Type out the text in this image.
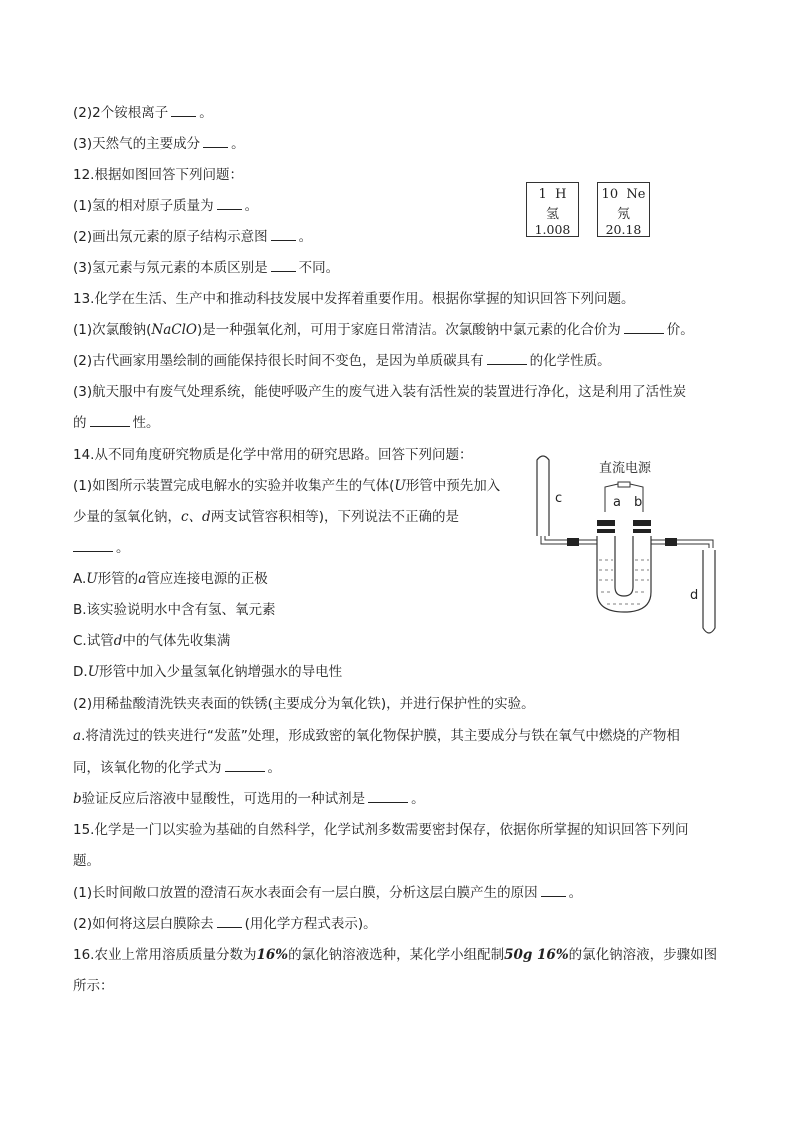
(2)2个铵根离子 。
(3)天然气的主要成分 。
12.根据如图回答下列问题：
(1)氢的相对原子质量为 。
(2)画出氖元素的原子结构示意图 。
(3)氢元素与氖元素的本质区别是 不同。
1 H
氢
1.008
10 Ne
氖
20.18
13.化学在生活、生产中和推动科技发展中发挥着重要作用。根据你掌握的知识回答下列问题。
(1)次氯酸钠(NaClO)是一种强氧化剂，可用于家庭日常清洁。次氯酸钠中氯元素的化合价为	价。
(2)古代画家用墨绘制的画能保持很长时间不变色，是因为单质碳具有	的化学性质。
(3)航天服中有废气处理系统，能使呼吸产生的废气进入装有活性炭的装置进行净化，这是利用了活性炭
的	性。
14.从不同角度研究物质是化学中常用的研究思路。回答下列问题：
(1)如图所示装置完成电解水的实验并收集产生的气体(U形管中预先加入
少量的氢氧化钠，c、d两支试管容积相等)，下列说法不正确的是
。
A.U形管的a管应连接电源的正极
B.该实验说明水中含有氢、氧元素
C.试管d中的气体先收集满
D.U形管中加入少量氢氧化钠增强水的导电性
(2)用稀盐酸清洗铁夹表面的铁锈(主要成分为氧化铁)，并进行保护性的实验。
a.将清洗过的铁夹进行“发蓝”处理，形成致密的氧化物保护膜，其主要成分与铁在氧气中燃烧的产物相
同，该氧化物的化学式为	。
b验证反应后溶液中显酸性，可选用的一种试剂是	。
15.化学是一门以实验为基础的自然科学，化学试剂多数需要密封保存，依据你所掌握的知识回答下列问
题。
(1)长时间敞口放置的澄清石灰水表面会有一层白膜，分析这层白膜产生的原因 。
(2)如何将这层白膜除去 (用化学方程式表示)。
16.农业上常用溶质质量分数为16%的氯化钠溶液选种，某化学小组配制50g 16%的氯化钠溶液，步骤如图
所示：
直流电源
a b
c
d
